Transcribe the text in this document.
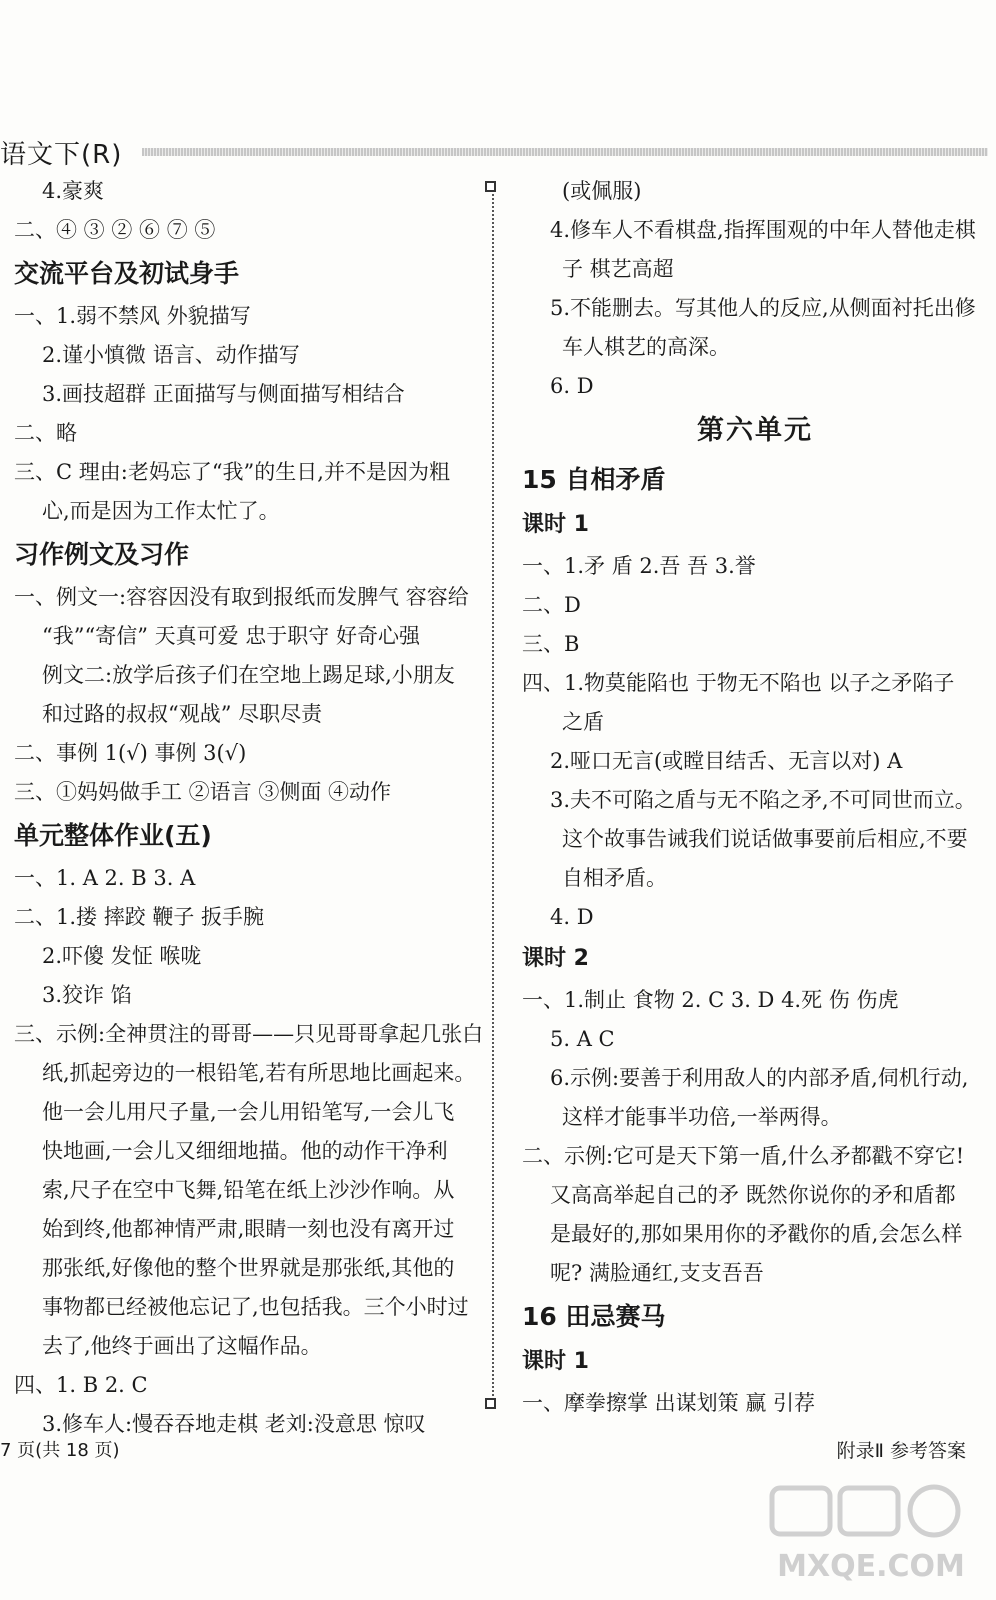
语文下(R)
4.豪爽
二、④ ③ ② ⑥ ⑦ ⑤
交流平台及初试身手
一、1.弱不禁风 外貌描写
2.谨小慎微 语言、动作描写
3.画技超群 正面描写与侧面描写相结合
二、略
三、C 理由:老妈忘了“我”的生日,并不是因为粗
心,而是因为工作太忙了。
习作例文及习作
一、例文一:容容因没有取到报纸而发脾气 容容给
“我”“寄信” 天真可爱 忠于职守 好奇心强
例文二:放学后孩子们在空地上踢足球,小朋友
和过路的叔叔“观战” 尽职尽责
二、事例 1(√) 事例 3(√)
三、①妈妈做手工 ②语言 ③侧面 ④动作
单元整体作业(五)
一、1. A 2. B 3. A
二、1.搂 摔跤 鞭子 扳手腕
2.吓傻 发怔 喉咙
3.狡诈 馅
三、示例:全神贯注的哥哥——只见哥哥拿起几张白
纸,抓起旁边的一根铅笔,若有所思地比画起来。
他一会儿用尺子量,一会儿用铅笔写,一会儿飞
快地画,一会儿又细细地描。他的动作干净利
索,尺子在空中飞舞,铅笔在纸上沙沙作响。从
始到终,他都神情严肃,眼睛一刻也没有离开过
那张纸,好像他的整个世界就是那张纸,其他的
事物都已经被他忘记了,也包括我。三个小时过
去了,他终于画出了这幅作品。
四、1. B 2. C
3.修车人:慢吞吞地走棋 老刘:没意思 惊叹
(或佩服)
4.修车人不看棋盘,指挥围观的中年人替他走棋
子 棋艺高超
5.不能删去。写其他人的反应,从侧面衬托出修
车人棋艺的高深。
6. D
第六单元
15 自相矛盾
课时 1
一、1.矛 盾 2.吾 吾 3.誉
二、D
三、B
四、1.物莫能陷也 于物无不陷也 以子之矛陷子
之盾
2.哑口无言(或瞠目结舌、无言以对) A
3.夫不可陷之盾与无不陷之矛,不可同世而立。
这个故事告诫我们说话做事要前后相应,不要
自相矛盾。
4. D
课时 2
一、1.制止 食物 2. C 3. D 4.死 伤 伤虎
5. A C
6.示例:要善于利用敌人的内部矛盾,伺机行动,
这样才能事半功倍,一举两得。
二、示例:它可是天下第一盾,什么矛都戳不穿它!
又高高举起自己的矛 既然你说你的矛和盾都
是最好的,那如果用你的矛戳你的盾,会怎么样
呢? 满脸通红,支支吾吾
16 田忌赛马
课时 1
一、摩拳擦掌 出谋划策 赢 引荐
7 页(共 18 页)	附录Ⅱ 参考答案
MXQE.COM
